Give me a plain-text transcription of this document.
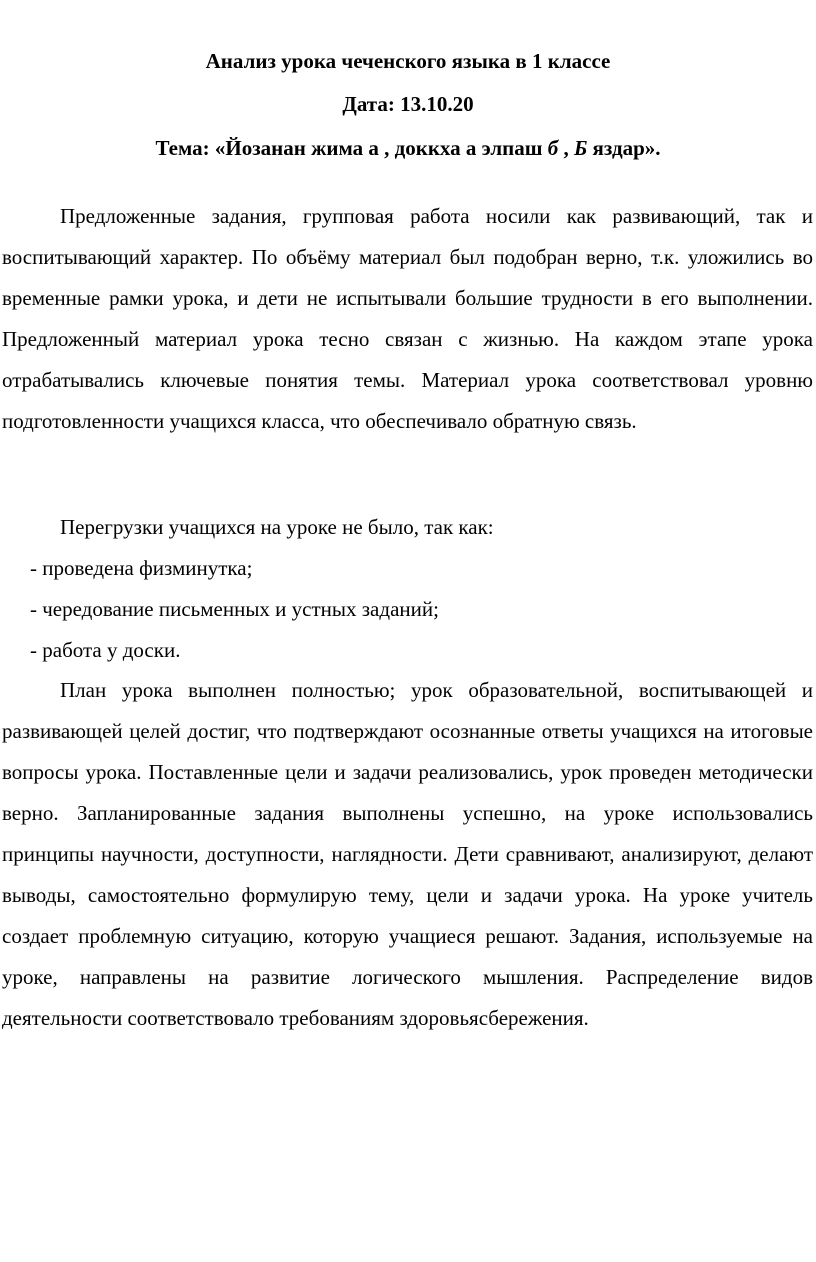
Анализ урока чеченского языка в 1 классе
Дата: 13.10.20
Тема: «Йозанан жима а , доккха а элпаш б , Б яздар».

Предложенные задания, групповая работа носили как развивающий, так и воспитывающий характер. По объёму материал был подобран верно, т.к. уложились во временные рамки урока, и дети не испытывали большие трудности в его выполнении. Предложенный материал урока тесно связан с жизнью. На каждом этапе урока отрабатывались ключевые понятия темы. Материал урока соответствовал уровню подготовленности учащихся класса, что обеспечивало обратную связь.

Перегрузки учащихся на уроке не было, так как:

- проведена физминутка;

- чередование письменных и устных заданий;

- работа у доски.

План урока выполнен полностью; урок образовательной, воспитывающей и развивающей целей достиг, что подтверждают осознанные ответы учащихся на итоговые вопросы урока. Поставленные цели и задачи реализовались, урок проведен методически верно. Запланированные задания выполнены успешно, на уроке использовались принципы научности, доступности, наглядности. Дети сравнивают, анализируют, делают выводы, самостоятельно формулирую тему, цели и задачи урока. На уроке учитель создает проблемную ситуацию, которую учащиеся решают. Задания, используемые на уроке, направлены на развитие логического мышления. Распределение видов деятельности соответствовало требованиям здоровьясбережения.
